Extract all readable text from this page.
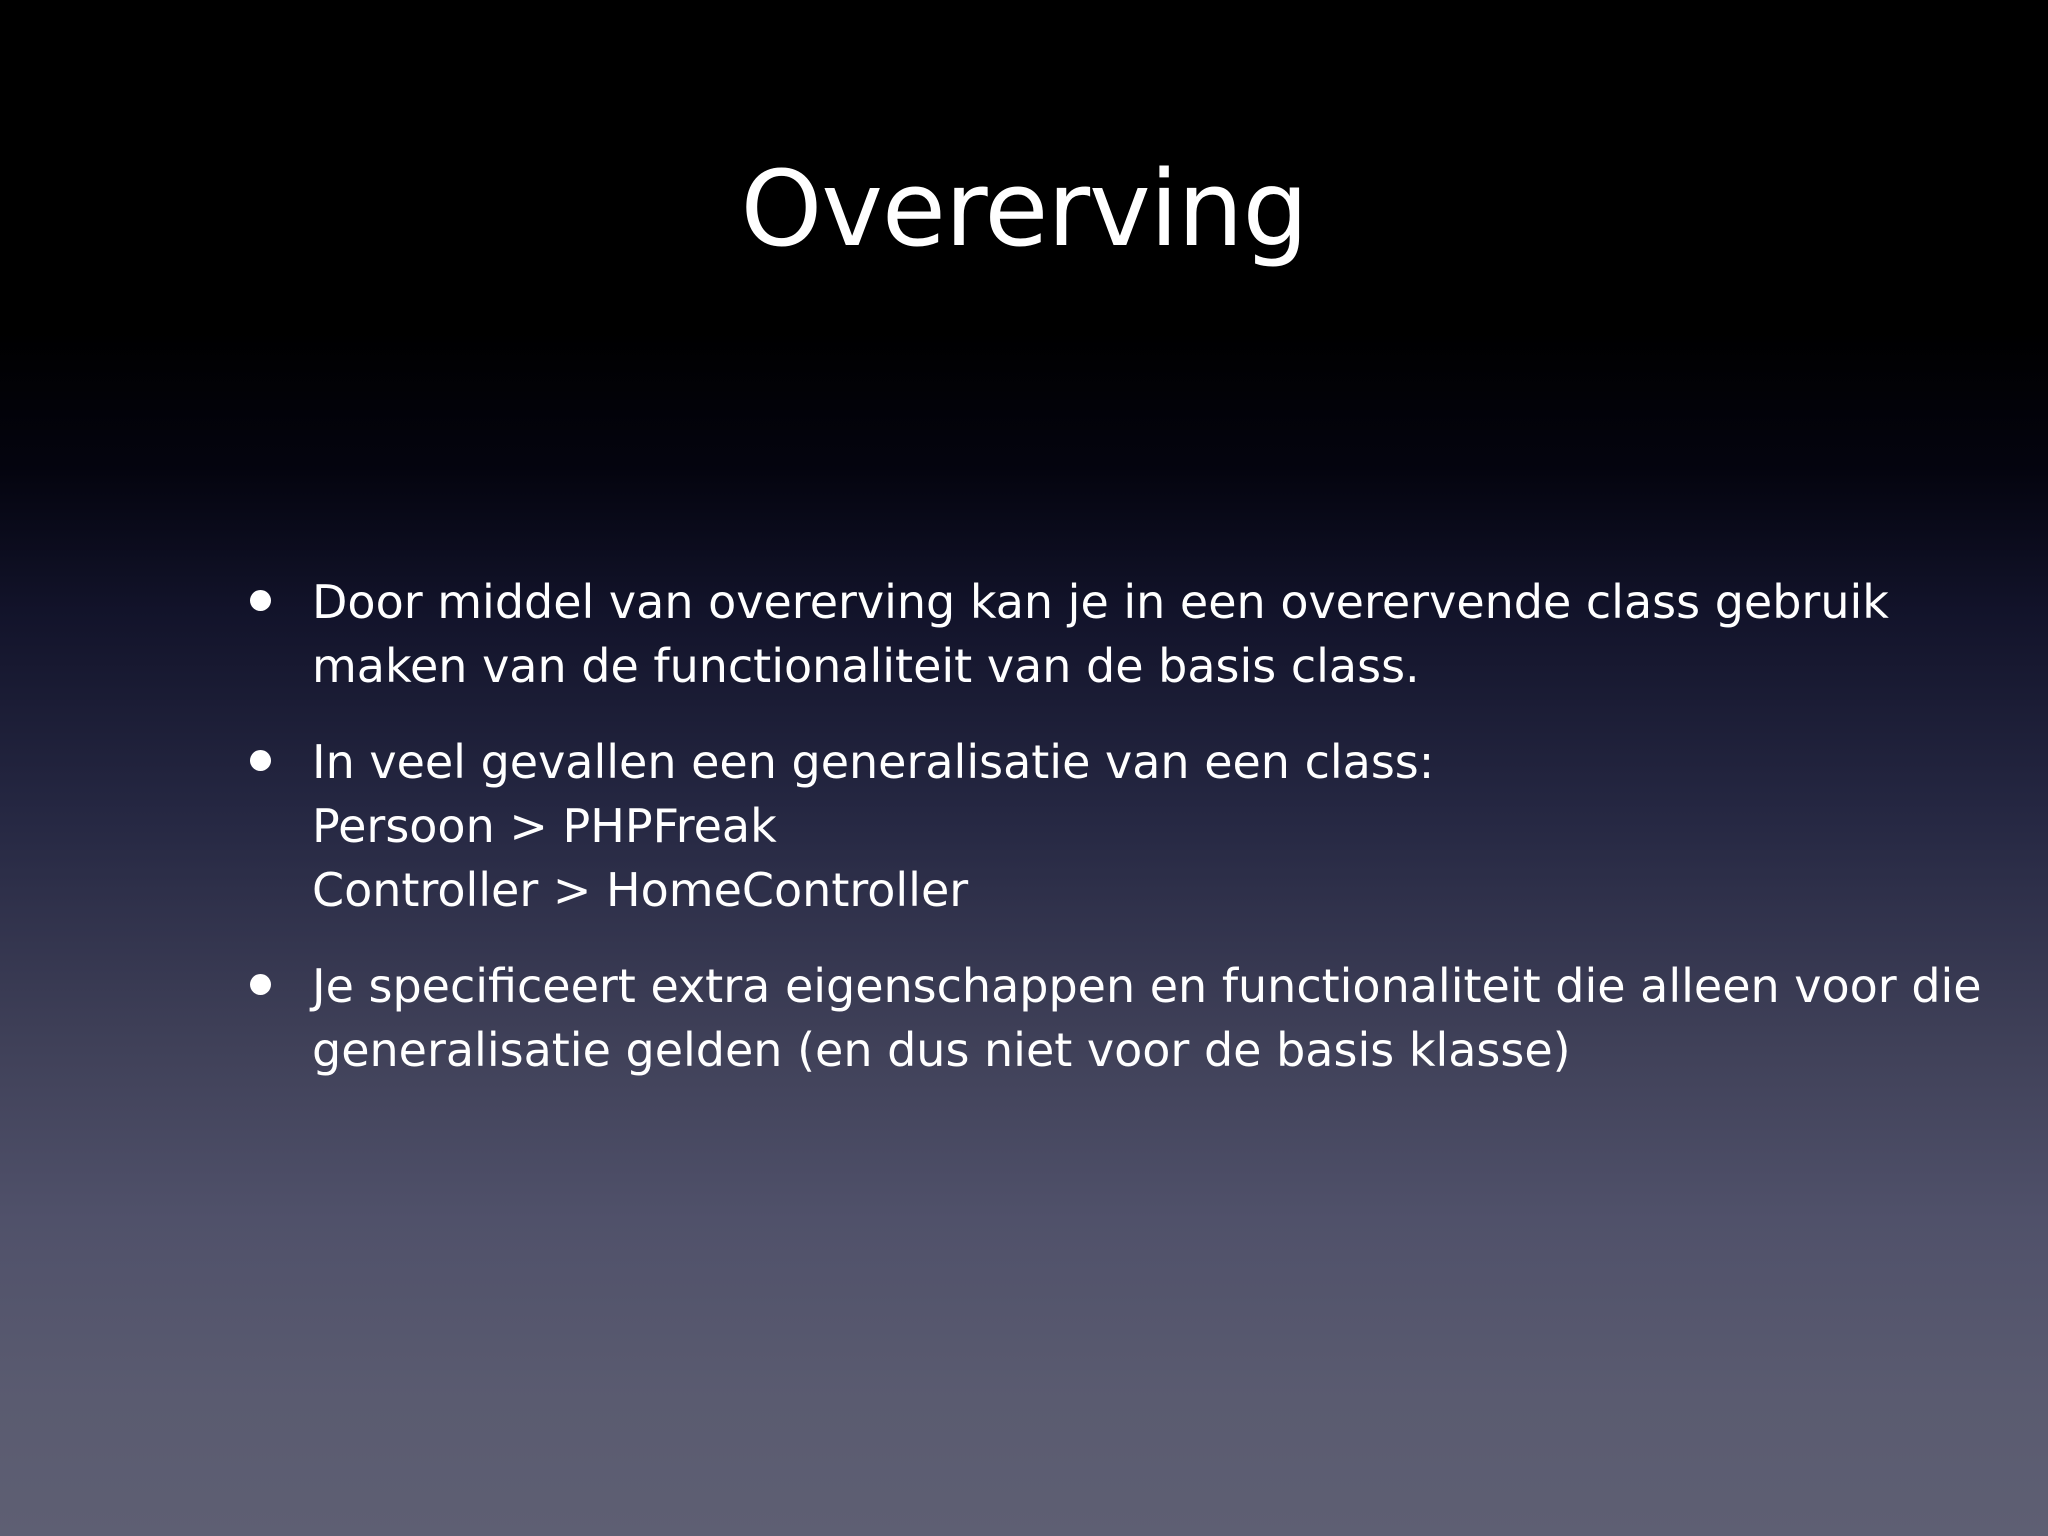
Overerving
Door middel van overerving kan je in een overervende class gebruik
maken van de functionaliteit van de basis class.
In veel gevallen een generalisatie van een class:
Persoon > PHPFreak
Controller > HomeController
Je specificeert extra eigenschappen en functionaliteit die alleen voor die
generalisatie gelden (en dus niet voor de basis klasse)
